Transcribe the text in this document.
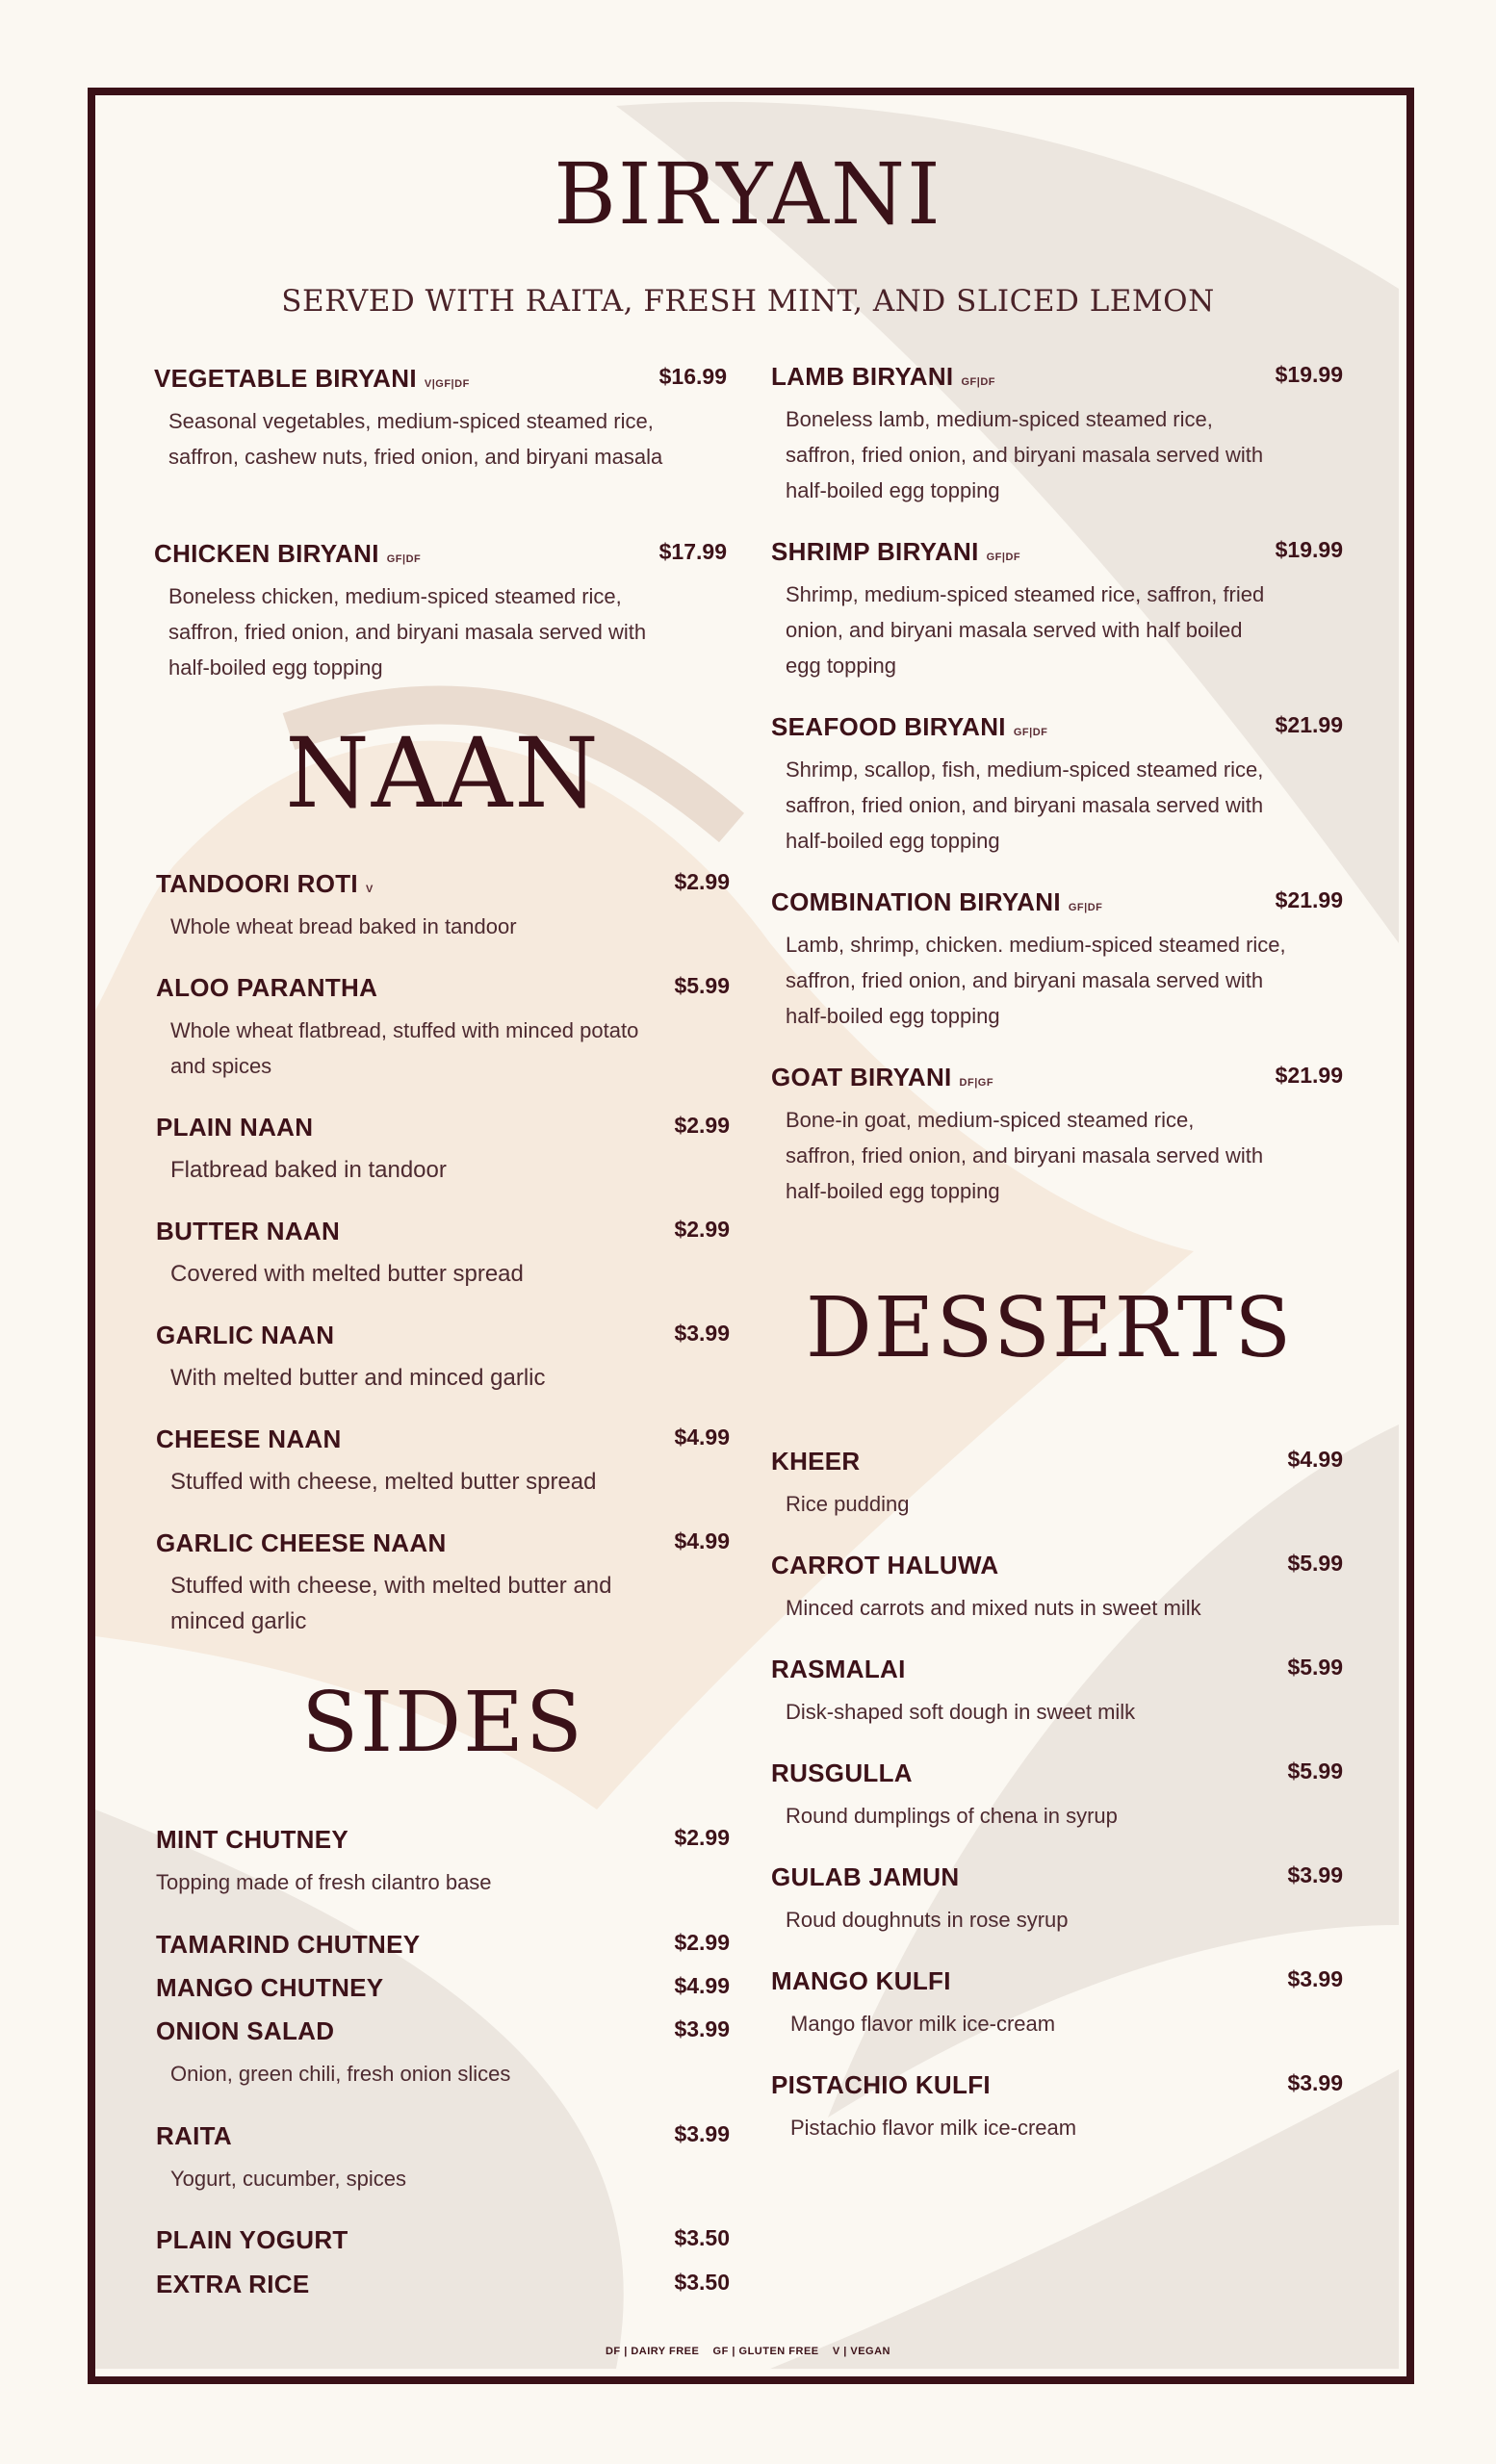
BIRYANI
SERVED WITH RAITA, FRESH MINT, AND SLICED LEMON
NAAN
SIDES
DESSERTS
VEGETABLE BIRYANI V|GF|DF	$16.99
Seasonal vegetables, medium-spiced steamed rice, saffron, cashew nuts, fried onion, and biryani masala
CHICKEN BIRYANI GF|DF	$17.99
Boneless chicken, medium-spiced steamed rice, saffron, fried onion, and biryani masala served with half-boiled egg topping
LAMB BIRYANI GF|DF	$19.99
Boneless lamb, medium-spiced steamed rice, saffron, fried onion, and biryani masala served with half-boiled egg topping
SHRIMP BIRYANI GF|DF	$19.99
Shrimp, medium-spiced steamed rice, saffron, fried onion, and biryani masala served with half boiled egg topping
SEAFOOD BIRYANI GF|DF	$21.99
Shrimp, scallop, fish, medium-spiced steamed rice, saffron, fried onion, and biryani masala served with half-boiled egg topping
COMBINATION BIRYANI GF|DF	$21.99
Lamb, shrimp, chicken. medium-spiced steamed rice, saffron, fried onion, and biryani masala served with half-boiled egg topping
GOAT BIRYANI DF|GF	$21.99
Bone-in goat, medium-spiced steamed rice, saffron, fried onion, and biryani masala served with half-boiled egg topping
TANDOORI ROTI V	$2.99
Whole wheat bread baked in tandoor
ALOO PARANTHA	$5.99
Whole wheat flatbread, stuffed with minced potato and spices
PLAIN NAAN	$2.99
Flatbread baked in tandoor
BUTTER NAAN	$2.99
Covered with melted butter spread
GARLIC NAAN	$3.99
With melted butter and minced garlic
CHEESE NAAN	$4.99
Stuffed with cheese, melted butter spread
GARLIC CHEESE NAAN	$4.99
Stuffed with cheese, with melted butter and minced garlic
MINT CHUTNEY	$2.99
Topping made of fresh cilantro base
TAMARIND CHUTNEY	$2.99
MANGO CHUTNEY	$4.99
ONION SALAD	$3.99
Onion, green chili, fresh onion slices
RAITA	$3.99
Yogurt, cucumber, spices
PLAIN YOGURT	$3.50
EXTRA RICE	$3.50
KHEER	$4.99
Rice pudding
CARROT HALUWA	$5.99
Minced carrots and mixed nuts in sweet milk
RASMALAI	$5.99
Disk-shaped soft dough in sweet milk
RUSGULLA	$5.99
Round dumplings of chena in syrup
GULAB JAMUN	$3.99
Roud doughnuts in rose syrup
MANGO KULFI	$3.99
Mango flavor milk ice-cream
PISTACHIO KULFI	$3.99
Pistachio flavor milk ice-cream
DF | DAIRY FREE    GF | GLUTEN FREE    V | VEGAN
